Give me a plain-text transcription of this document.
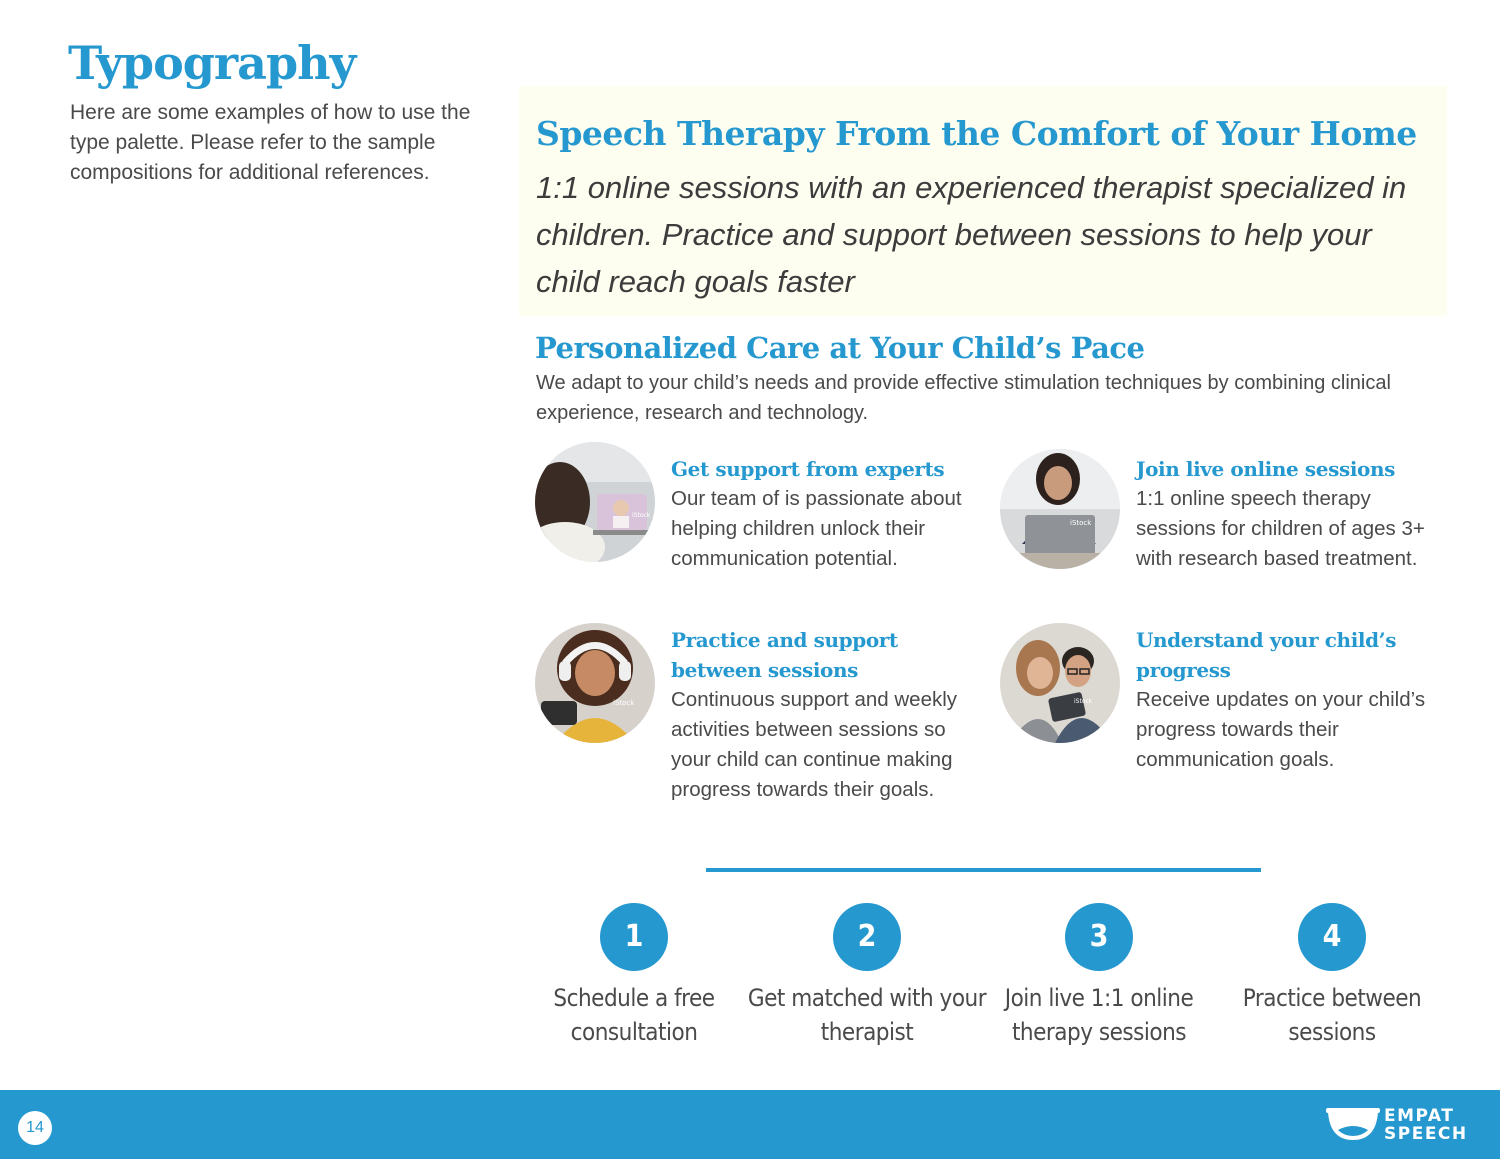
Typography
Here are some examples of how to use the type palette. Please refer to the sample compositions for additional references.
Speech Therapy From the Comfort of Your Home
1:1 online sessions with an experienced therapist specialized in children. Practice and support between sessions to help your child reach goals faster
Personalized Care at Your Child’s Pace
We adapt to your child’s needs and provide effective stimulation techniques by combining clinical experience, research and technology.
iStock
Get support from experts
Our team of is passionate about helping children unlock their communication potential.
iStock
Join live online sessions
1:1 online speech therapy sessions for children of ages 3+ with research based treatment.
iStock
Practice and support between sessions
Continuous support and weekly activities between sessions so your child can continue making progress towards their goals.
iStock
Understand your child’s progress
Receive updates on your child’s progress towards their communication goals.
1
Schedule a free consultation
2
Get matched with your therapist
3
Join live 1:1 online therapy sessions
4
Practice between sessions
14
EMPAT
SPEECH
